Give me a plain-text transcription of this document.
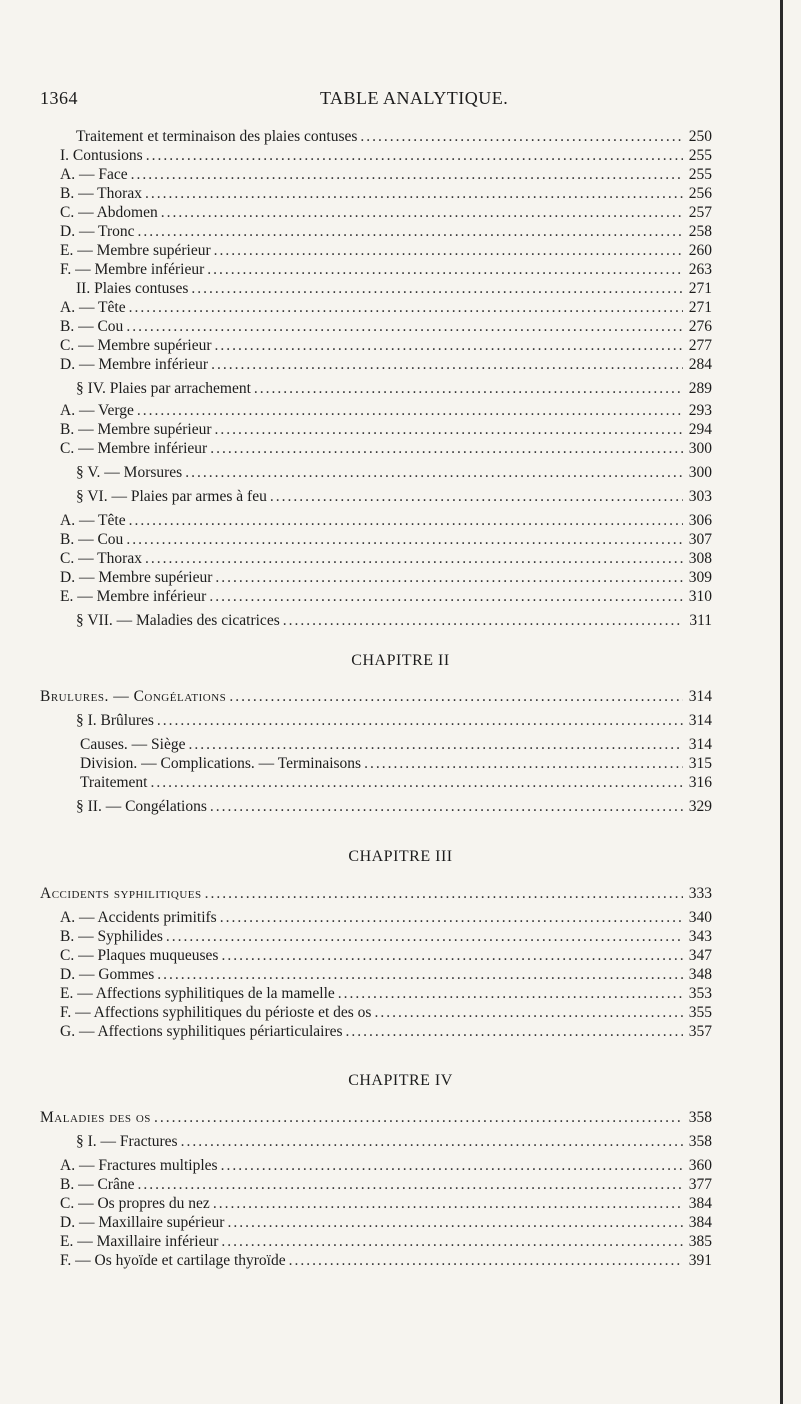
1364	TABLE ANALYTIQUE.
CHAPITRE II
CHAPITRE III
CHAPITRE IV
Traitement et terminaison des plaies contuses .....	250
I. Contusions .....	255
A. — Face .....	255
B. — Thorax .....	256
C. — Abdomen .....	257
D. — Tronc .....	258
E. — Membre supérieur .....	260
F. — Membre inférieur .....	263
II. Plaies contuses .....	271
A. — Tête .....	271
B. — Cou .....	276
C. — Membre supérieur .....	277
D. — Membre inférieur .....	284
§ IV. Plaies par arrachement .....	289
A. — Verge .....	293
B. — Membre supérieur .....	294
C. — Membre inférieur .....	300
§ V. — Morsures .....	300
§ VI. — Plaies par armes à feu .....	303
A. — Tête .....	306
B. — Cou .....	307
C. — Thorax .....	308
D. — Membre supérieur .....	309
E. — Membre inférieur .....	310
§ VII. — Maladies des cicatrices .....	311
Brulures. — Congélations .....	314
§ I. Brûlures .....	314
Causes. — Siège .....	314
Division. — Complications. — Terminaisons .....	315
Traitement .....	316
§ II. — Congélations .....	329
Accidents syphilitiques .....	333
A. — Accidents primitifs .....	340
B. — Syphilides .....	343
C. — Plaques muqueuses .....	347
D. — Gommes .....	348
E. — Affections syphilitiques de la mamelle .....	353
F. — Affections syphilitiques du périoste et des os .....	355
G. — Affections syphilitiques périarticulaires .....	357
Maladies des os .....	358
§ I. — Fractures .....	358
A. — Fractures multiples .....	360
B. — Crâne .....	377
C. — Os propres du nez .....	384
D. — Maxillaire supérieur .....	384
E. — Maxillaire inférieur .....	385
F. — Os hyoïde et cartilage thyroïde .....	391
